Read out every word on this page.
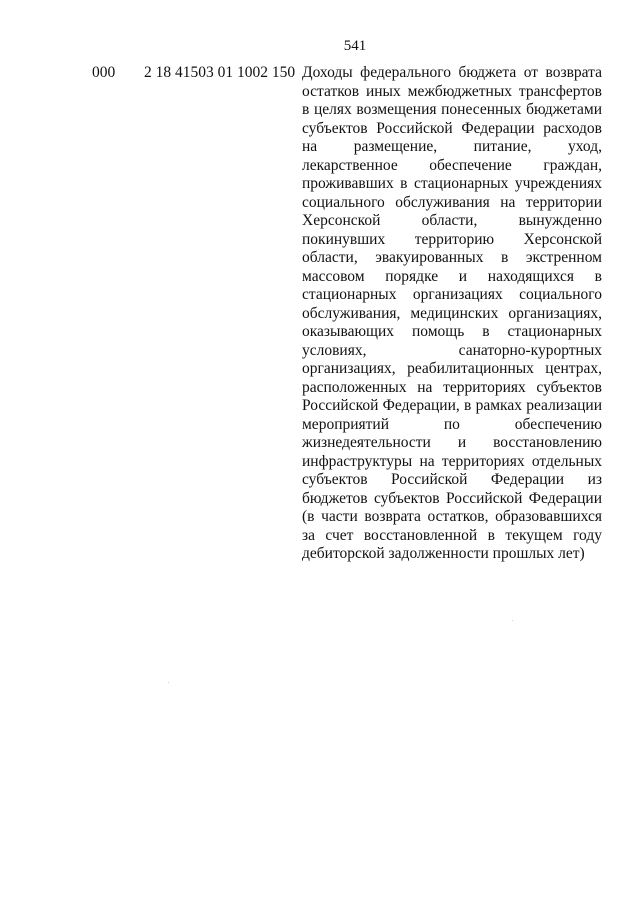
541
000 2 18 41503 01 1002 150 Доходы федерального бюджета от возврата остатков иных межбюджетных трансфертов в целях возмещения понесенных бюджетами субъектов Российской Федерации расходов на размещение, питание, уход, лекарственное обеспечение граждан, проживавших в стационарных учреждениях социального обслуживания на территории Херсонской области, вынужденно покинувших территорию Херсонской области, эвакуированных в экстренном массовом порядке и находящихся в стационарных организациях социального обслуживания, медицинских организациях, оказывающих помощь в стационарных условиях, санаторно-курортных организациях, реабилитационных центрах, расположенных на территориях субъектов Российской Федерации, в рамках реализации мероприятий по обеспечению жизнедеятельности и восстановлению инфраструктуры на территориях отдельных субъектов Российской Федерации из бюджетов субъектов Российской Федерации (в части возврата остатков, образовавшихся за счет восстановленной в текущем году дебиторской задолженности прошлых лет)
